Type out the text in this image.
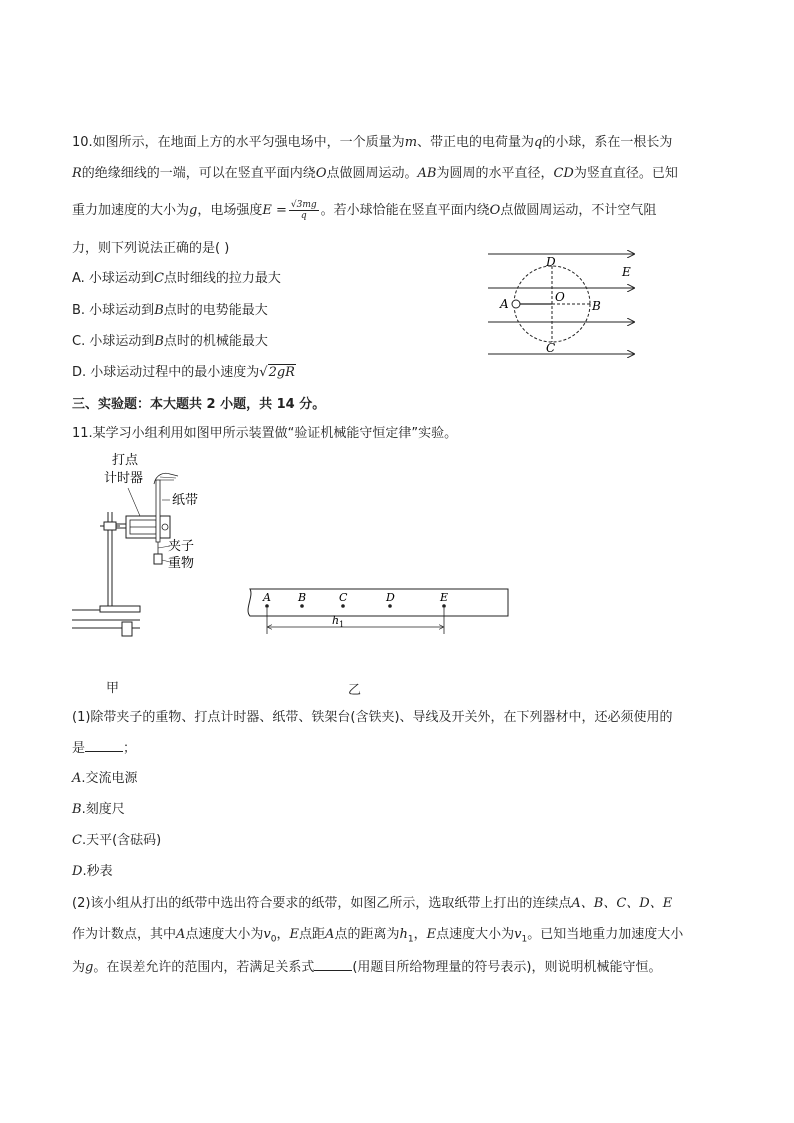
10.如图所示，在地面上方的水平匀强电场中，一个质量为m、带正电的电荷量为q的小球，系在一根长为
R的绝缘细线的一端，可以在竖直平面内绕O点做圆周运动。AB为圆周的水平直径，CD为竖直直径。已知
重力加速度的大小为g，电场强度$E = \frac{√3mg}{q}$ 。若小球恰能在竖直平面内绕O点做圆周运动，不计空气阻
力，则下列说法正确的是( )
A. 小球运动到C点时细线的拉力最大
B. 小球运动到B点时的电势能最大
C. 小球运动到B点时的机械能最大
D. 小球运动过程中的最小速度为√2gR
D
E
A	O
B
C
三、实验题：本大题共 2 小题，共 14 分。
11.某学习小组利用如图甲所示装置做“验证机械能守恒定律”实验。
打点
计时器
纸带
夹子
重物
A B	C	D	E
$h_1$
甲	乙
(1)除带夹子的重物、打点计时器、纸带、铁架台(含铁夹)、导线及开关外，在下列器材中，还必须使用的
是	；
A.交流电源
B.刻度尺
C.天平(含砝码)
D.秒表
(2)该小组从打出的纸带中选出符合要求的纸带，如图乙所示，选取纸带上打出的连续点A、B、C、D、E
作为计数点，其中A点速度大小为$v_0$，E点距A点的距离为$h_1$，E点速度大小为$v_1$。已知当地重力加速度大小
为g。在误差允许的范围内，若满足关系式	(用题目所给物理量的符号表示)，则说明机械能守恒。
